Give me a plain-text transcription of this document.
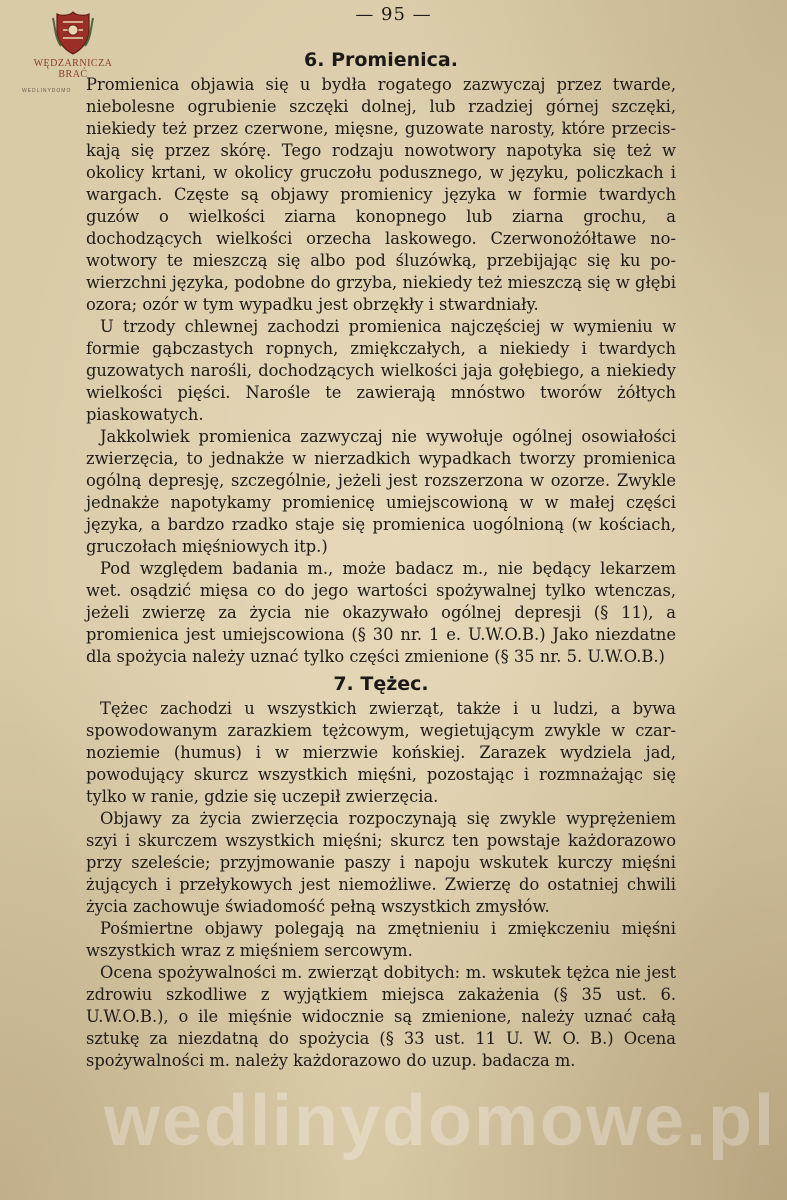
WĘDZARNICZA BRAĆ
WEDLINYDOMO
— 95 —
6. Promienica.

Promienica objawia się u bydła rogatego zazwyczaj przez twarde, niebolesne ogrubienie szczęki dolnej, lub rzadziej górnej szczęki, niekiedy też przez czerwone, mięsne, guzowate narosty, które przeciskają się przez skórę. Tego rodzaju nowotwory napotyka się też w okolicy krtani, w okolicy gruczołu podusznego, w języku, policzkach i wargach. Częste są objawy promienicy języka w formie twardych guzów o wielkości ziarna konopnego lub ziarna grochu, a dochodzących wielkości orzecha laskowego. Czerwonożółtawe nowotwory te mieszczą się albo pod śluzówką, przebijając się ku powierzchni języka, podobne do grzyba, niekiedy też mieszczą się w głębi ozora; ozór w tym wypadku jest obrzękły i stwardniały.

U trzody chlewnej zachodzi promienica najczęściej w wymieniu w formie gąbczastych ropnych, zmiękczałych, a niekiedy i twardych guzowatych narośli, dochodzących wielkości jaja gołębiego, a niekiedy wielkości pięści. Narośle te zawierają mnóstwo tworów żółtych piaskowatych.

Jakkolwiek promienica zazwyczaj nie wywołuje ogólnej osowiałości zwierzęcia, to jednakże w nierzadkich wypadkach tworzy promienica ogólną depresję, szczególnie, jeżeli jest rozszerzona w ozorze. Zwykle jednakże napotykamy promienicę umiejscowioną w w małej części języka, a bardzo rzadko staje się promienica uogólnioną (w kościach, gruczołach mięśniowych itp.)

Pod względem badania m., może badacz m., nie będący lekarzem wet. osądzić mięsa co do jego wartości spożywalnej tylko wtenczas, jeżeli zwierzę za życia nie okazywało ogólnej depresji (§ 11), a promienica jest umiejscowiona (§ 30 nr. 1 e. U.W.O.B.) Jako niezdatne dla spożycia należy uznać tylko części zmienione (§ 35 nr. 5. U.W.O.B.)

7. Tężec.

Tężec zachodzi u wszystkich zwierząt, także i u ludzi, a bywa spowodowanym zarazkiem tężcowym, wegietującym zwykle w czarnoziemie (humus) i w mierzwie końskiej. Zarazek wydziela jad, powodujący skurcz wszystkich mięśni, pozostając i rozmnażając się tylko w ranie, gdzie się uczepił zwierzęcia.

Objawy za życia zwierzęcia rozpoczynają się zwykle wyprężeniem szyi i skurczem wszystkich mięśni; skurcz ten powstaje każdorazowo przy szeleście; przyjmowanie paszy i napoju wskutek kurczy mięśni żujących i przełykowych jest niemożliwe. Zwierzę do ostatniej chwili życia zachowuje świadomość pełną wszystkich zmysłów.

Pośmiertne objawy polegają na zmętnieniu i zmiękczeniu mięśni wszystkich wraz z mięśniem sercowym.

Ocena spożywalności m. zwierząt dobitych: m. wskutek tężca nie jest zdrowiu szkodliwe z wyjątkiem miejsca zakażenia (§ 35 ust. 6. U.W.O.B.), o ile mięśnie widocznie są zmienione, należy uznać całą sztukę za niezdatną do spożycia (§ 33 ust. 11 U. W. O. B.) Ocena spożywalności m. należy każdorazowo do uzup. badacza m.

wedlinydomowe.pl
